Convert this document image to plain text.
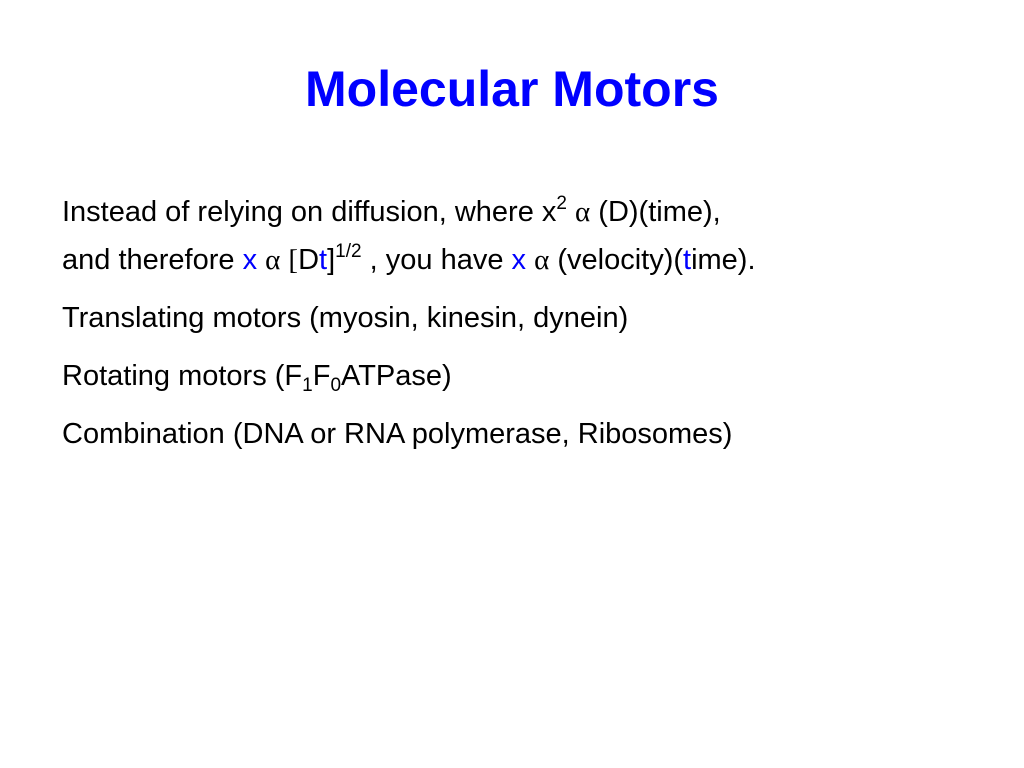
Molecular Motors
Instead of relying on diffusion, where $x^2$ α (D)(time),
and therefore x α $[Dt]^{1/2}$ , you have x α (velocity)(time).
Translating motors (myosin, kinesin, dynein)
Rotating motors $(F_1F_0ATPase)$
Combination (DNA or RNA polymerase, Ribosomes)
